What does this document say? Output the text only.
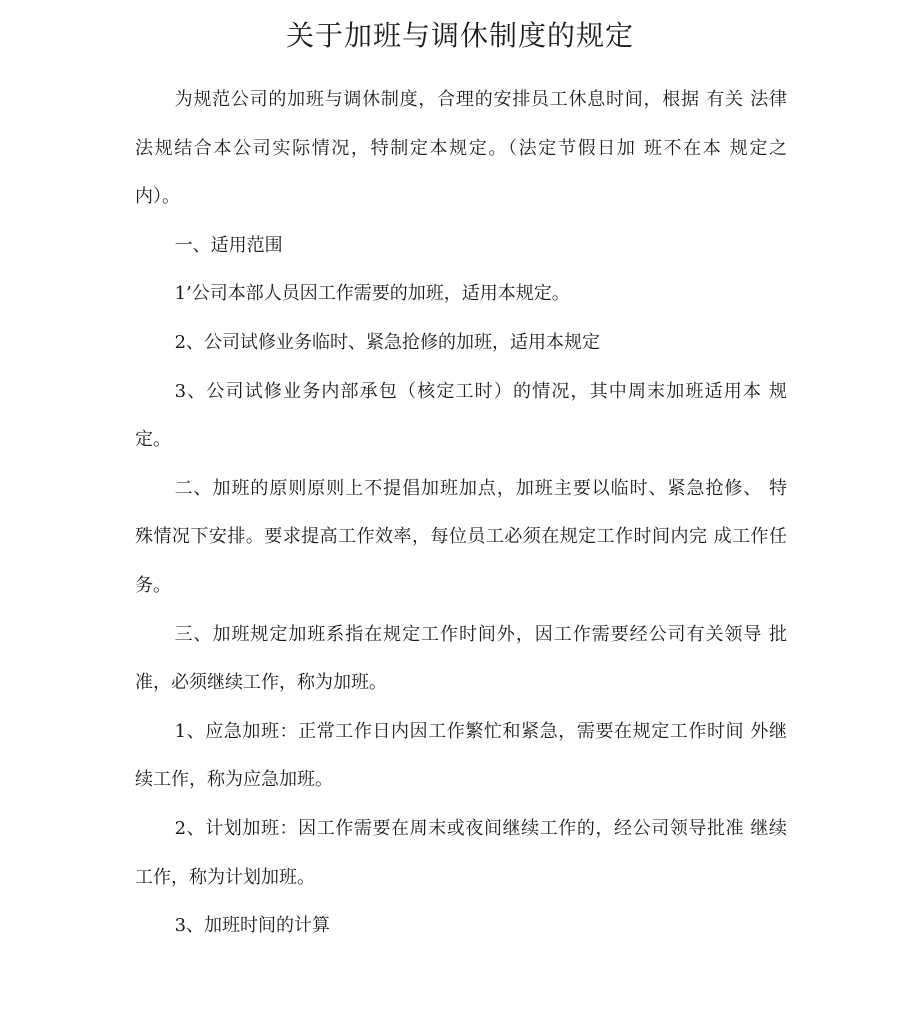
关于加班与调休制度的规定
为规范公司的加班与调休制度，合理的安排员工休息时间，根据 有关 法律
法规结合本公司实际情况，特制定本规定。（法定节假日加 班不在本 规定之
内）。
一、适用范围
1’公司本部人员因工作需要的加班，适用本规定。
2、公司试修业务临时、紧急抢修的加班，适用本规定
3、公司试修业务内部承包（核定工时）的情况，其中周末加班适用本 规
定。
二、加班的原则原则上不提倡加班加点，加班主要以临时、紧急抢修、 特
殊情况下安排。要求提高工作效率，每位员工必须在规定工作时间内完 成工作任
务。
三、加班规定加班系指在规定工作时间外，因工作需要经公司有关领导 批
准，必须继续工作，称为加班。
1、应急加班：正常工作日内因工作繁忙和紧急，需要在规定工作时间 外继
续工作，称为应急加班。
2、计划加班：因工作需要在周末或夜间继续工作的，经公司领导批准 继续
工作，称为计划加班。
3、加班时间的计算
